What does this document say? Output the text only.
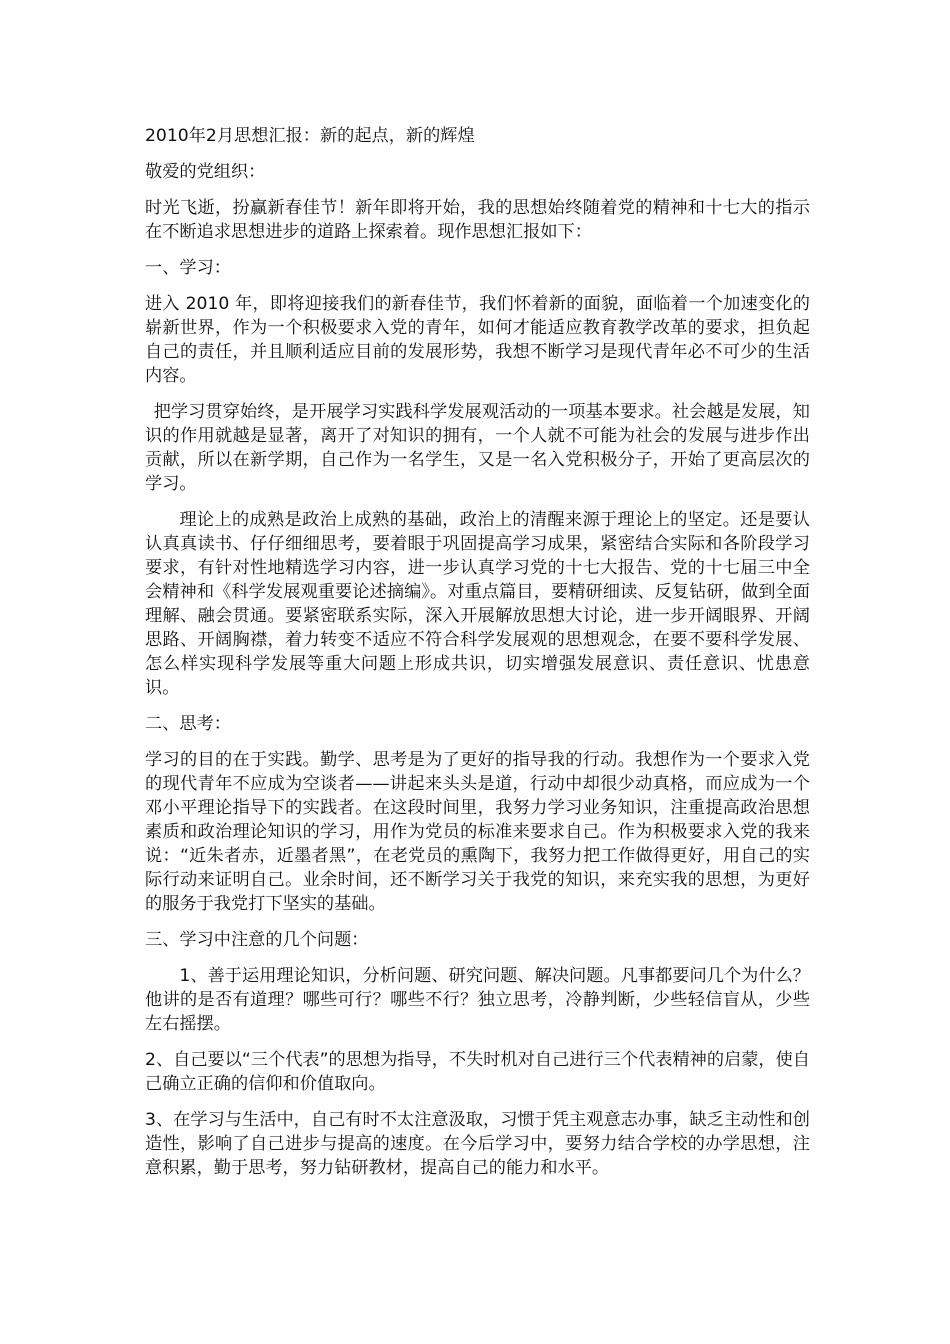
2010年2月思想汇报：新的起点，新的辉煌

敬爱的党组织：

时光飞逝，扮赢新春佳节！新年即将开始，我的思想始终随着党的精神和十七大的指示在不断追求思想进步的道路上探索着。现作思想汇报如下：

一、学习：

进入 2010 年，即将迎接我们的新春佳节，我们怀着新的面貌，面临着一个加速变化的崭新世界，作为一个积极要求入党的青年，如何才能适应教育教学改革的要求，担负起自己的责任，并且顺利适应目前的发展形势，我想不断学习是现代青年必不可少的生活内容。

把学习贯穿始终，是开展学习实践科学发展观活动的一项基本要求。社会越是发展，知识的作用就越是显著，离开了对知识的拥有，一个人就不可能为社会的发展与进步作出贡献，所以在新学期，自己作为一名学生，又是一名入党积极分子，开始了更高层次的学习。

理论上的成熟是政治上成熟的基础，政治上的清醒来源于理论上的坚定。还是要认认真真读书、仔仔细细思考，要着眼于巩固提高学习成果，紧密结合实际和各阶段学习要求，有针对性地精选学习内容，进一步认真学习党的十七大报告、党的十七届三中全会精神和《科学发展观重要论述摘编》。对重点篇目，要精研细读、反复钻研，做到全面理解、融会贯通。要紧密联系实际，深入开展解放思想大讨论，进一步开阔眼界、开阔思路、开阔胸襟，着力转变不适应不符合科学发展观的思想观念，在要不要科学发展、怎么样实现科学发展等重大问题上形成共识，切实增强发展意识、责任意识、忧患意识。

二、思考：

学习的目的在于实践。勤学、思考是为了更好的指导我的行动。我想作为一个要求入党的现代青年不应成为空谈者——讲起来头头是道，行动中却很少动真格，而应成为一个邓小平理论指导下的实践者。在这段时间里，我努力学习业务知识，注重提高政治思想素质和政治理论知识的学习，用作为党员的标准来要求自己。作为积极要求入党的我来说：“近朱者赤，近墨者黑”，在老党员的熏陶下，我努力把工作做得更好，用自己的实际行动来证明自己。业余时间，还不断学习关于我党的知识，来充实我的思想，为更好的服务于我党打下坚实的基础。

三、学习中注意的几个问题：

1、善于运用理论知识，分析问题、研究问题、解决问题。凡事都要问几个为什么？ 他讲的是否有道理？哪些可行？哪些不行？独立思考，冷静判断，少些轻信盲从，少些左右摇摆。

2、自己要以“三个代表”的思想为指导，不失时机对自己进行三个代表精神的启蒙，使自己确立正确的信仰和价值取向。

3、在学习与生活中，自己有时不太注意汲取，习惯于凭主观意志办事，缺乏主动性和创造性，影响了自己进步与提高的速度。在今后学习中，要努力结合学校的办学思想，注意积累，勤于思考，努力钻研教材，提高自己的能力和水平。
